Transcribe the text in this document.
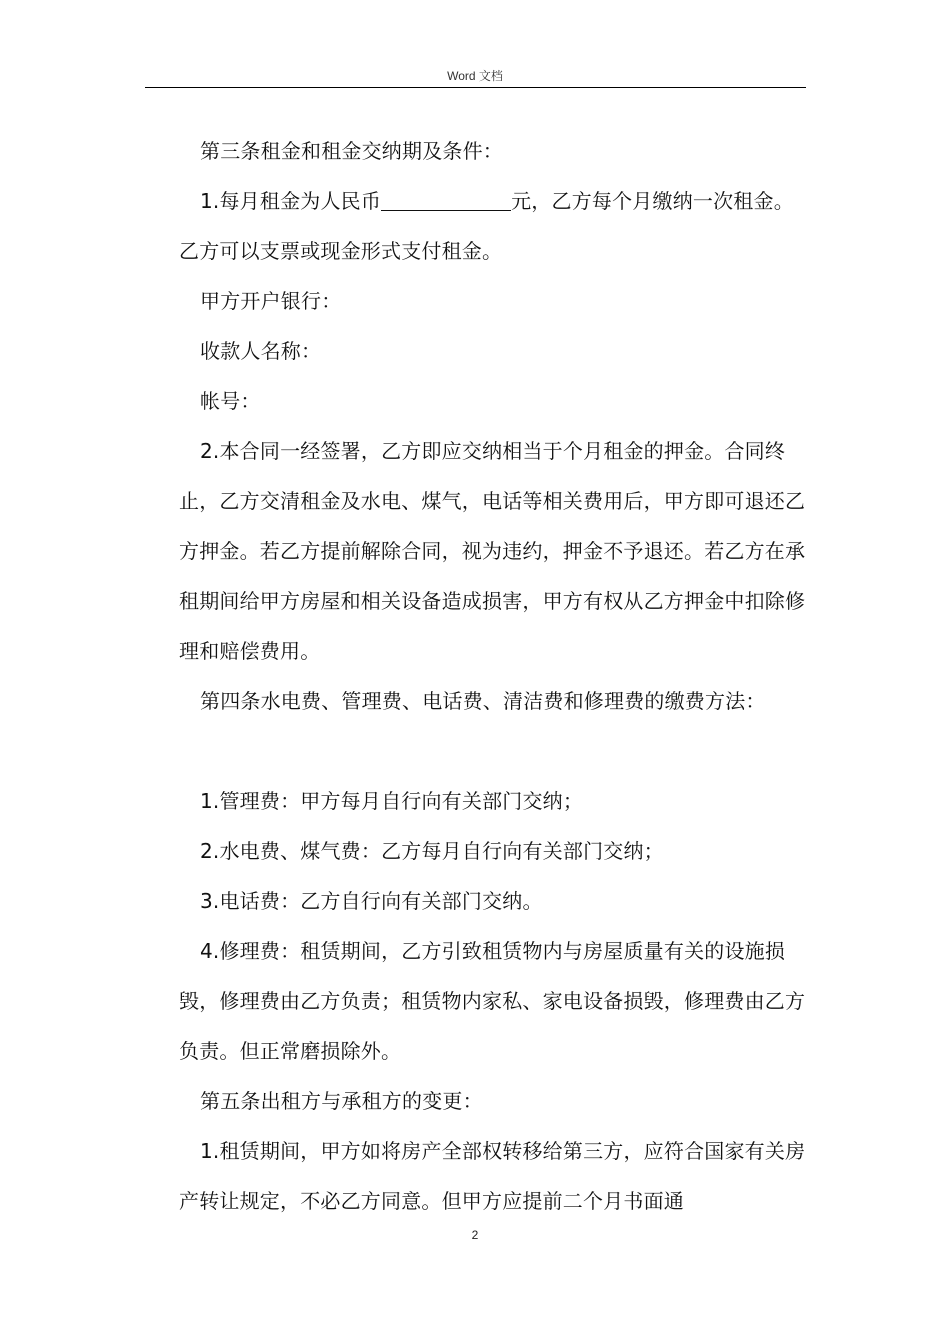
Word 文档

第三条租金和租金交纳期及条件：

1.每月租金为人民币	元，乙方每个月缴纳一次租金。乙方可以支票或现金形式支付租金。

甲方开户银行：

收款人名称：

帐号：

2.本合同一经签署，乙方即应交纳相当于个月租金的押金。合同终止，乙方交清租金及水电、煤气，电话等相关费用后，甲方即可退还乙方押金。若乙方提前解除合同，视为违约，押金不予退还。若乙方在承租期间给甲方房屋和相关设备造成损害，甲方有权从乙方押金中扣除修理和赔偿费用。

第四条水电费、管理费、电话费、清洁费和修理费的缴费方法：

1.管理费：甲方每月自行向有关部门交纳；

2.水电费、煤气费：乙方每月自行向有关部门交纳；

3.电话费：乙方自行向有关部门交纳。

4.修理费：租赁期间，乙方引致租赁物内与房屋质量有关的设施损毁，修理费由乙方负责；租赁物内家私、家电设备损毁，修理费由乙方负责。但正常磨损除外。

第五条出租方与承租方的变更：

1.租赁期间，甲方如将房产全部权转移给第三方，应符合国家有关房产转让规定，不必乙方同意。但甲方应提前二个月书面通

2
